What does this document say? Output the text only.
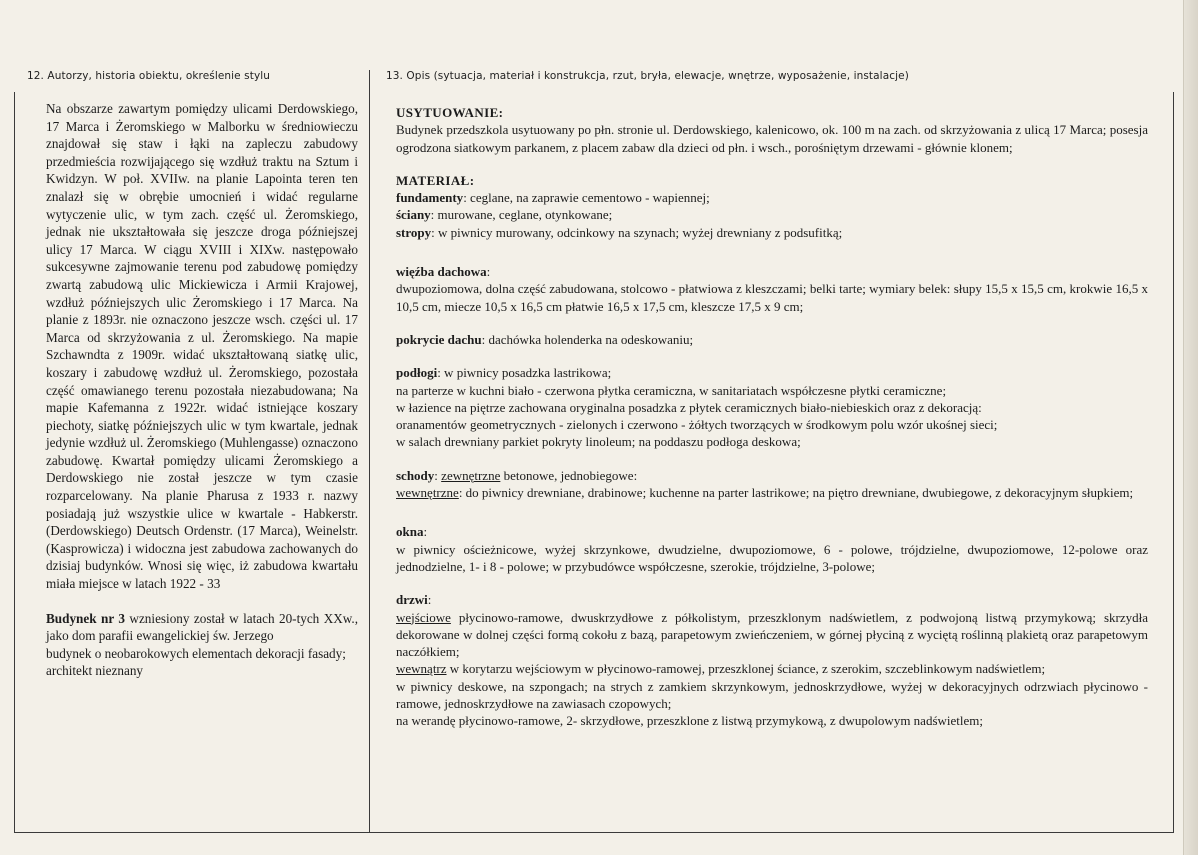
12. Autorzy, historia obiektu, określenie stylu	13. Opis (sytuacja, materiał i konstrukcja, rzut, bryła, elewacje, wnętrze, wyposażenie, instalacje)

Na obszarze zawartym pomiędzy ulicami Derdowskiego, 17 Marca i Żeromskiego w Malborku w średniowieczu znajdował się staw i łąki na zapleczu zabudowy przedmieścia rozwijającego się wzdłuż traktu na Sztum i Kwidzyn. W poł. XVIIw. na planie Lapointa teren ten znalazł się w obrębie umocnień i widać regularne wytyczenie ulic, w tym zach. część ul. Żeromskiego, jednak nie ukształtowała się jeszcze droga późniejszej ulicy 17 Marca. W ciągu XVIII i XIXw. następowało sukcesywne zajmowanie terenu pod zabudowę pomiędzy zwartą zabudową ulic Mickiewicza i Armii Krajowej, wzdłuż późniejszych ulic Żeromskiego i 17 Marca. Na planie z 1893r. nie oznaczono jeszcze wsch. części ul. 17 Marca od skrzyżowania z ul. Żeromskiego. Na mapie Szchawndta z 1909r. widać ukształtowaną siatkę ulic, koszary i zabudowę wzdłuż ul. Żeromskiego, pozostała część omawianego terenu pozostała niezabudowana; Na mapie Kafemanna z 1922r. widać istniejące koszary piechoty, siatkę późniejszych ulic w tym kwartale, jednak jedynie wzdłuż ul. Żeromskiego (Muhlengasse) oznaczono zabudowę. Kwartał pomiędzy ulicami Żeromskiego a Derdowskiego nie został jeszcze w tym czasie rozparcelowany. Na planie Pharusa z 1933 r. nazwy posiadają już wszystkie ulice w kwartale - Habkerstr. (Derdowskiego) Deutsch Ordenstr. (17 Marca), Weinelstr. (Kasprowicza) i widoczna jest zabudowa zachowanych do dzisiaj budynków. Wnosi się więc, iż zabudowa kwartału miała miejsce w latach 1922 - 33

Budynek nr 3 wzniesiony został w latach 20-tych XXw., jako dom parafii ewangelickiej św. Jerzego

budynek o neobarokowych elementach dekoracji fasady; architekt nieznany

USYTUOWANIE:
Budynek przedszkola usytuowany po płn. stronie ul. Derdowskiego, kalenicowo, ok. 100 m na zach. od skrzyżowania z ulicą 17 Marca; posesja ogrodzona siatkowym parkanem, z placem zabaw dla dzieci od płn. i wsch., porośniętym drzewami - głównie klonem;
MATERIAŁ:
fundamenty: ceglane, na zaprawie cementowo - wapiennej;
ściany: murowane, ceglane, otynkowane;
stropy: w piwnicy murowany, odcinkowy na szynach; wyżej drewniany z podsufitką;
więźba dachowa:
dwupoziomowa, dolna część zabudowana, stolcowo - płatwiowa z kleszczami; belki tarte; wymiary belek: słupy 15,5 x 15,5 cm, krokwie 16,5 x 10,5 cm, miecze 10,5 x 16,5 cm płatwie 16,5 x 17,5 cm, kleszcze 17,5 x 9 cm;
pokrycie dachu: dachówka holenderka na odeskowaniu;
podłogi: w piwnicy posadzka lastrikowa;
na parterze w kuchni biało - czerwona płytka ceramiczna, w sanitariatach współczesne płytki ceramiczne;
w łazience na piętrze zachowana oryginalna posadzka z płytek ceramicznych biało-niebieskich oraz z dekoracją:
oranamentów geometrycznych - zielonych i czerwono - żółtych tworzących w środkowym polu wzór ukośnej sieci;
w salach drewniany parkiet pokryty linoleum; na poddaszu podłoga deskowa;
schody: zewnętrzne betonowe, jednobiegowe:
wewnętrzne: do piwnicy drewniane, drabinowe; kuchenne na parter lastrikowe; na piętro drewniane, dwubiegowe, z dekoracyjnym słupkiem;
okna:
w piwnicy ościeżnicowe, wyżej skrzynkowe, dwudzielne, dwupoziomowe, 6 - polowe, trójdzielne, dwupoziomowe, 12-polowe oraz jednodzielne, 1- i 8 - polowe; w przybudówce współczesne, szerokie, trójdzielne, 3-polowe;
drzwi:
wejściowe płycinowo-ramowe, dwuskrzydłowe z półkolistym, przeszklonym nadświetlem, z podwojoną listwą przymykową; skrzydła dekorowane w dolnej części formą cokołu z bazą, parapetowym zwieńczeniem, w górnej płyciną z wyciętą roślinną plakietą oraz parapetowym naczółkiem;
wewnątrz w korytarzu wejściowym w płycinowo-ramowej, przeszklonej ściance, z szerokim, szczeblinkowym nadświetlem;
w piwnicy deskowe, na szpongach; na strych z zamkiem skrzynkowym, jednoskrzydłowe, wyżej w dekoracyjnych odrzwiach płycinowo -ramowe, jednoskrzydłowe na zawiasach czopowych;
na werandę płycinowo-ramowe, 2- skrzydłowe, przeszklone z listwą przymykową, z dwupolowym nadświetlem;
